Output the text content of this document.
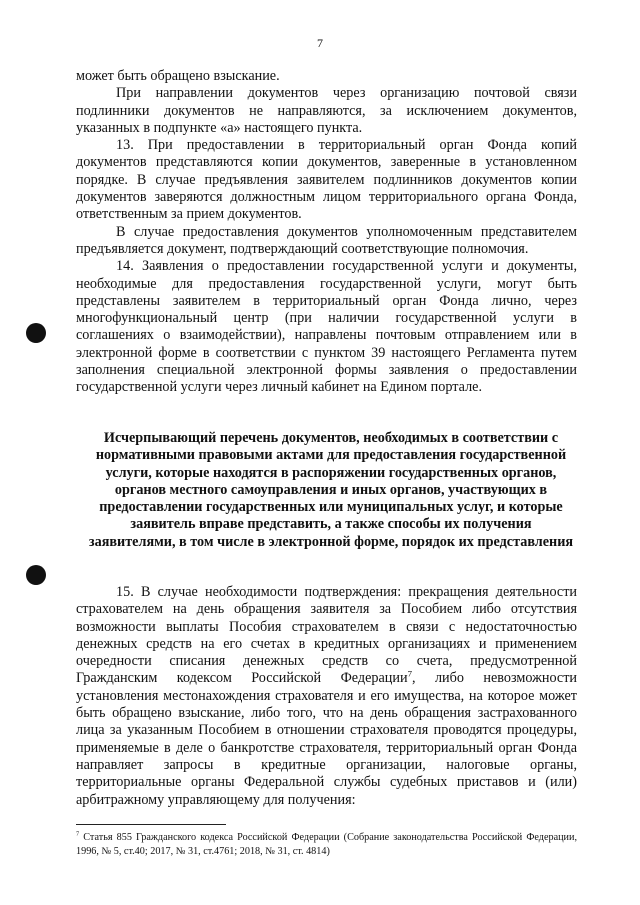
7

может быть обращено взыскание.

При направлении документов через организацию почтовой связи подлинники документов не направляются, за исключением документов, указанных в подпункте «а» настоящего пункта.

13. При предоставлении в территориальный орган Фонда копий документов представляются копии документов, заверенные в установленном порядке. В случае предъявления заявителем подлинников документов копии документов заверяются должностным лицом территориального органа Фонда, ответственным за прием документов.

В случае предоставления документов уполномоченным представителем предъявляется документ, подтверждающий соответствующие полномочия.

14. Заявления о предоставлении государственной услуги и документы, необходимые для предоставления государственной услуги, могут быть представлены заявителем в территориальный орган Фонда лично, через многофункциональный центр (при наличии государственной услуги в соглашениях о взаимодействии), направлены почтовым отправлением или в электронной форме в соответствии с пунктом 39 настоящего Регламента путем заполнения специальной электронной формы заявления о предоставлении государственной услуги через личный кабинет на Едином портале.

Исчерпывающий перечень документов, необходимых в соответствии с нормативными правовыми актами для предоставления государственной услуги, которые находятся в распоряжении государственных органов, органов местного самоуправления и иных органов, участвующих в предоставлении государственных или муниципальных услуг, и которые заявитель вправе представить, а также способы их получения заявителями, в том числе в электронной форме, порядок их представления

15. В случае необходимости подтверждения: прекращения деятельности страхователем на день обращения заявителя за Пособием либо отсутствия возможности выплаты Пособия страхователем в связи с недостаточностью денежных средств на его счетах в кредитных организациях и применением очередности списания денежных средств со счета, предусмотренной Гражданским кодексом Российской Федерации$^7$, либо невозможности установления местонахождения страхователя и его имущества, на которое может быть обращено взыскание, либо того, что на день обращения застрахованного лица за указанным Пособием в отношении страхователя проводятся процедуры, применяемые в деле о банкротстве страхователя, территориальный орган Фонда направляет запросы в кредитные организации, налоговые органы, территориальные органы Федеральной службы судебных приставов и (или) арбитражному управляющему для получения:

$^7$ Статья 855 Гражданского кодекса Российской Федерации (Собрание законодательства Российской Федерации, 1996, № 5, ст.40; 2017, № 31, ст.4761; 2018, № 31, ст. 4814)
